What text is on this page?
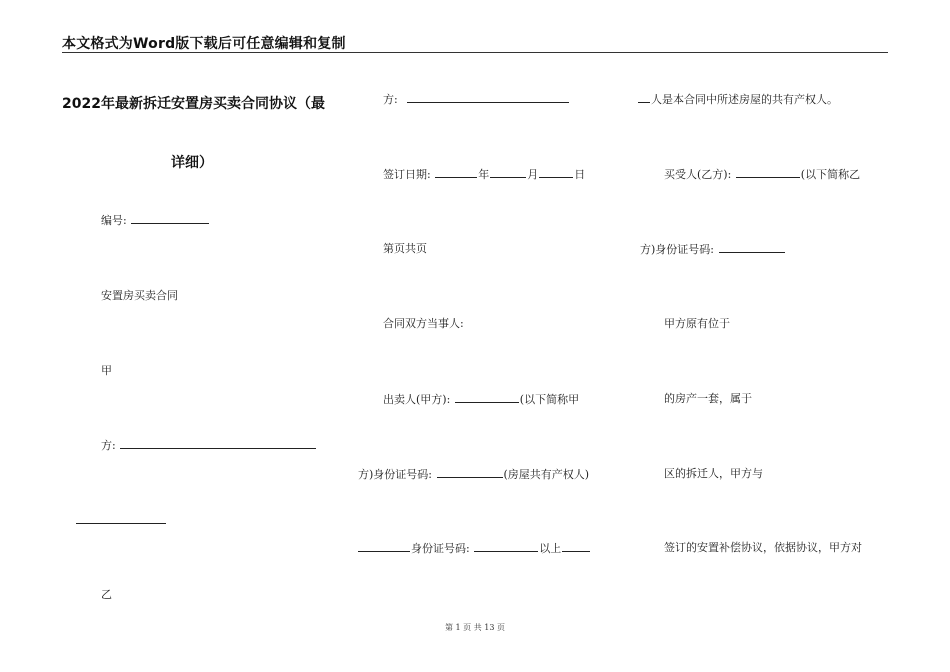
本文格式为Word版下载后可任意编辑和复制
2022年最新拆迁安置房买卖合同协议（最
详细）
编号:
安置房买卖合同
甲
方:
乙
方:
签订日期:	年	月	日
第页共页
合同双方当事人:
出卖人(甲方):	(以下简称甲
方)身份证号码:	(房屋共有产权人)
身份证号码:	以上
人是本合同中所述房屋的共有产权人。
买受人(乙方):	(以下简称乙
方)身份证号码:
甲方原有位于
的房产一套，属于
区的拆迁人，甲方与
签订的安置补偿协议，依据协议，甲方对
第 1 页 共 13 页
